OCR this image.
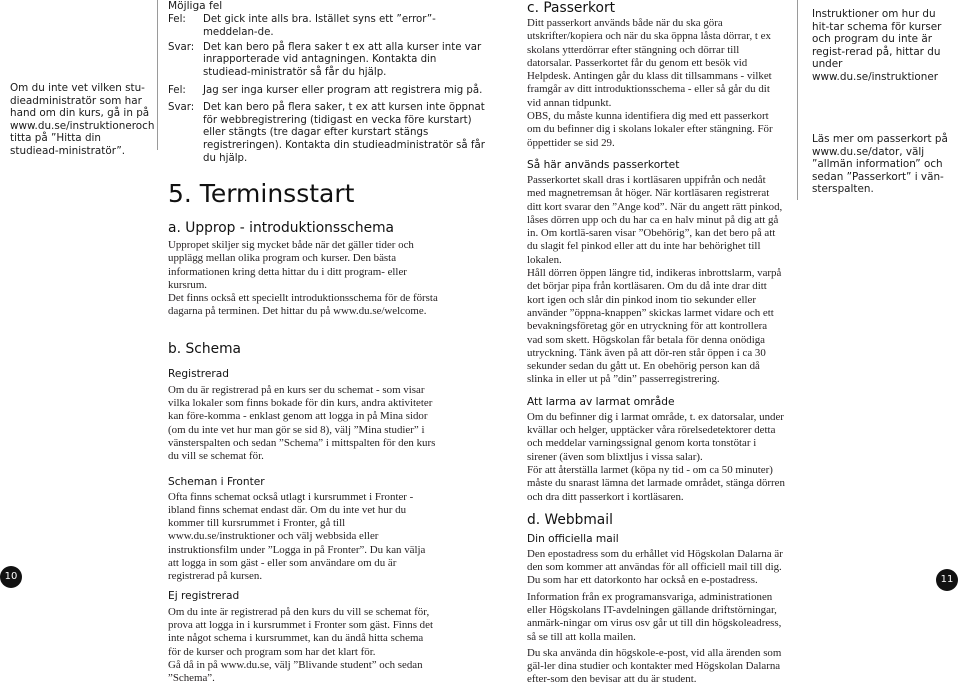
Om du inte vet vilken stu-dieadministratör som har hand om din kurs, gå in på www.du.se/instruktioneroch titta på ”Hitta din studiead-ministratör”.
10
Möjliga fel
Fel:	Det gick inte alls bra. Istället syns ett ”error”-meddelan-de.
Svar: Det kan bero på flera saker t ex att alla kurser inte var inrapporterade vid antagningen. Kontakta din studiead-ministratör så får du hjälp.
Fel:	Jag ser inga kurser eller program att registrera mig på.
Svar: Det kan bero på flera saker, t ex att kursen inte öppnat för webbregistrering (tidigast en vecka före kurstart) eller stängts (tre dagar efter kurstart stängs registreringen). Kontakta din studieadministratör så får du hjälp.
5. Terminsstart
a. Upprop - introduktionsschema

Uppropet skiljer sig mycket både när det gäller tider och upplägg mellan olika program och kurser. Den bästa informationen kring detta hittar du i ditt program- eller kursrum.

Det finns också ett speciellt introduktionsschema för de första dagarna på terminen. Det hittar du på www.du.se/welcome.

b. Schema
Registrerad

Om du är registrerad på en kurs ser du schemat - som visar vilka lokaler som finns bokade för din kurs, andra aktiviteter kan före-komma - enklast genom att logga in på Mina sidor (om du inte vet hur man gör se sid 8), välj ”Mina studier” i vänsterspalten och sedan ”Schema” i mittspalten för den kurs du vill se schemat för.

Scheman i Fronter

Ofta finns schemat också utlagt i kursrummet i Fronter - ibland finns schemat endast där. Om du inte vet hur du kommer till kursrummet i Fronter, gå till www.du.se/instruktioner och välj webbsida eller instruktionsfilm under ”Logga in på Fronter”. Du kan välja att logga in som gäst - eller som användare om du är registrerad på kursen.

Ej registrerad

Om du inte är registrerad på den kurs du vill se schemat för, prova att logga in i kursrummet i Fronter som gäst. Finns det inte något schema i kursrummet, kan du ändå hitta schema för de kurser och program som har det klart för.

Gå då in på www.du.se, välj ”Blivande student” och sedan ”Schema”.

c. Passerkort

Ditt passerkort används både när du ska göra utskrifter/kopiera och när du ska öppna låsta dörrar, t ex skolans ytterdörrar efter stängning och dörrar till datorsalar. Passerkortet får du genom ett besök vid Helpdesk. Antingen går du klass dit tillsammans - vilket framgår av ditt introduktionsschema - eller så går du dit vid annan tidpunkt.

OBS, du måste kunna identifiera dig med ett passerkort om du befinner dig i skolans lokaler efter stängning. För öppettider se sid 29.

Så här används passerkortet

Passerkortet skall dras i kortläsaren uppifrån och nedåt med magnetremsan åt höger. När kortläsaren registrerat ditt kort svarar den ”Ange kod”. När du angett rätt pinkod, låses dörren upp och du har ca en halv minut på dig att gå in. Om kortlä-saren visar ”Obehörig”, kan det bero på att du slagit fel pinkod eller att du inte har behörighet till lokalen.

Håll dörren öppen längre tid, indikeras inbrottslarm, varpå det börjar pipa från kortläsaren. Om du då inte drar ditt kort igen och slår din pinkod inom tio sekunder eller använder ”öppna-knappen” skickas larmet vidare och ett bevakningsföretag gör en utryckning för att kontrollera vad som skett. Högskolan får betala för denna onödiga utryckning. Tänk även på att dör-ren står öppen i ca 30 sekunder sedan du gått ut. En obehörig person kan då slinka in eller ut på ”din” passerregistrering.

Att larma av larmat område

Om du befinner dig i larmat område, t. ex datorsalar, under kvällar och helger, upptäcker våra rörelsedetektorer detta och meddelar varningssignal genom korta tonstötar i sirener (även som blixtljus i vissa salar).

För att återställa larmet (köpa ny tid - om ca 50 minuter) måste du snarast lämna det larmade området, stänga dörren och dra ditt passerkort i kortläsaren.

d. Webbmail
Din officiella mail

Den epostadress som du erhållet vid Högskolan Dalarna är den som kommer att användas för all officiell mail till dig. Du som har ett datorkonto har också en e-postadress.

Information från ex programansvariga, administrationen eller Högskolans IT-avdelningen gällande driftstörningar, anmärk-ningar om virus osv går ut till din högskoleadress, så se till att kolla mailen.

Du ska använda din högskole-e-post, vid alla ärenden som gäl-ler dina studier och kontakter med Högskolan Dalarna efter-som den bevisar att du är student.

Instruktioner om hur du hit-tar schema för kurser och program du inte är regist-rerad på, hittar du under www.du.se/instruktioner
Läs mer om passerkort på www.du.se/dator, välj ”allmän information” och sedan ”Passerkort” i vän-sterspalten.
11
